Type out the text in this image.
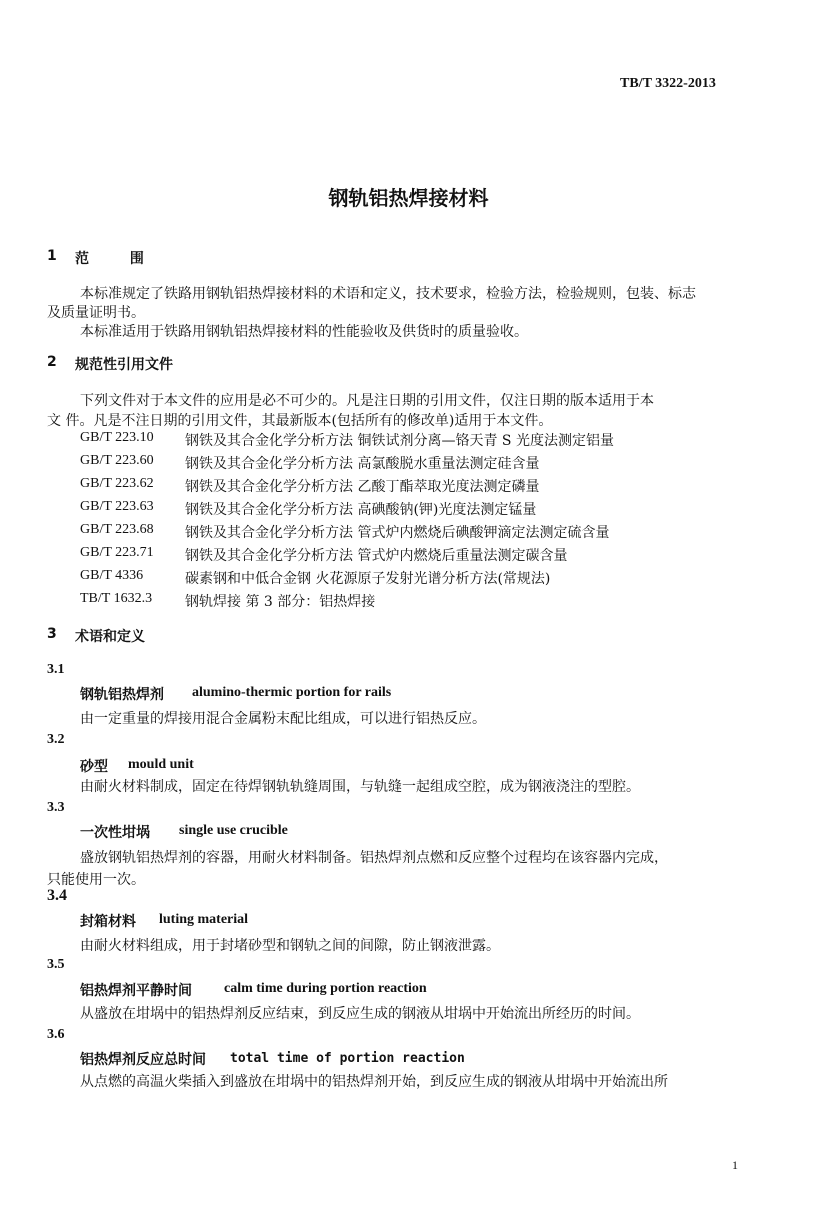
TB/T 3322-2013
钢轨铝热焊接材料
1 范 围
本标准规定了铁路用钢轨铝热焊接材料的术语和定义，技术要求，检验方法，检验规则，包装、标志
及质量证明书。
本标准适用于铁路用钢轨铝热焊接材料的性能验收及供货时的质量验收。
2 规范性引用文件
下列文件对于本文件的应用是必不可少的。凡是注日期的引用文件，仅注日期的版本适用于本
文 件。凡是不注日期的引用文件，其最新版本(包括所有的修改单)适用于本文件。
GB/T 223.10 钢铁及其合金化学分析方法 铜铁试剂分离—铬天青 S 光度法测定铝量
GB/T 223.60 钢铁及其合金化学分析方法 高氯酸脱水重量法测定硅含量
GB/T 223.62 钢铁及其合金化学分析方法 乙酸丁酯萃取光度法测定磷量
GB/T 223.63 钢铁及其合金化学分析方法 高碘酸钠(钾)光度法测定锰量
GB/T 223.68 钢铁及其合金化学分析方法 管式炉内燃烧后碘酸钾滴定法测定硫含量
GB/T 223.71 钢铁及其合金化学分析方法 管式炉内燃烧后重量法测定碳含量
GB/T 4336	碳素钢和中低合金钢 火花源原子发射光谱分析方法(常规法)
TB/T 1632.3 钢轨焊接 第 3 部分：铝热焊接
3 术语和定义
3.1
钢轨铝热焊剂 alumino-thermic portion for rails
由一定重量的焊接用混合金属粉末配比组成，可以进行铝热反应。
3.2
砂型 mould unit
由耐火材料制成，固定在待焊钢轨轨缝周围，与轨缝一起组成空腔，成为钢液浇注的型腔。
3.3
一次性坩埚 single use crucible
盛放钢轨铝热焊剂的容器，用耐火材料制备。铝热焊剂点燃和反应整个过程均在该容器内完成，
只能使用一次。
3.4
封箱材料 luting material
由耐火材料组成，用于封堵砂型和钢轨之间的间隙，防止钢液泄露。
3.5
铝热焊剂平静时间 calm time during portion reaction
从盛放在坩埚中的铝热焊剂反应结束，到反应生成的钢液从坩埚中开始流出所经历的时间。
3.6
铝热焊剂反应总时间 total time of portion reaction
从点燃的高温火柴插入到盛放在坩埚中的铝热焊剂开始，到反应生成的钢液从坩埚中开始流出所
1
